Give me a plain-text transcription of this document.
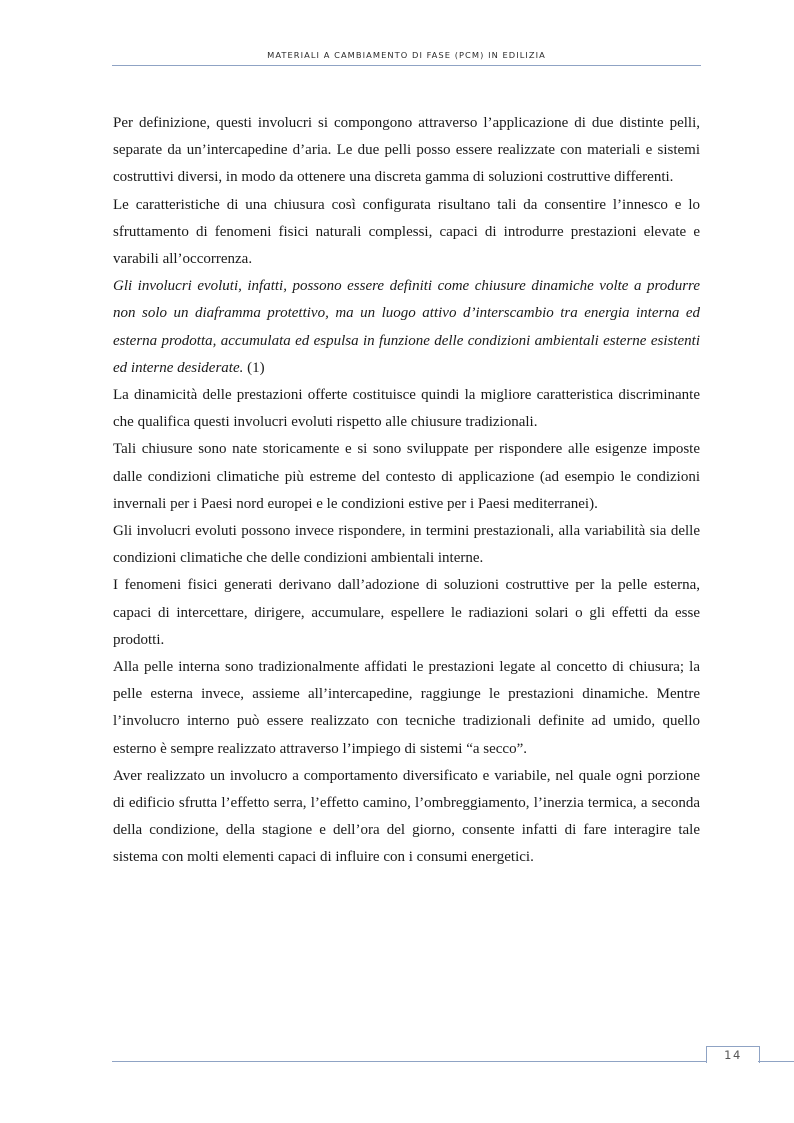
MATERIALI A CAMBIAMENTO DI FASE (PCM) IN EDILIZIA

Per definizione, questi involucri si compongono attraverso l’applicazione di due distinte pelli, separate da un’intercapedine d’aria. Le due pelli posso essere realizzate con materiali e sistemi costruttivi diversi, in modo da ottenere una discreta gamma di soluzioni costruttive differenti.

Le caratteristiche di una chiusura così configurata risultano tali da consentire l’innesco e lo sfruttamento di fenomeni fisici naturali complessi, capaci di introdurre prestazioni elevate e varabili all’occorrenza.

Gli involucri evoluti, infatti, possono essere definiti come chiusure dinamiche volte a produrre non solo un diaframma protettivo, ma un luogo attivo d’interscambio tra energia interna ed esterna prodotta, accumulata ed espulsa in funzione delle condizioni ambientali esterne esistenti ed interne desiderate. (1)

La dinamicità delle prestazioni offerte costituisce quindi la migliore caratteristica discriminante che qualifica questi involucri evoluti rispetto alle chiusure tradizionali.

Tali chiusure sono nate storicamente e si sono sviluppate per rispondere alle esigenze imposte dalle condizioni climatiche più estreme del contesto di applicazione (ad esempio le condizioni invernali per i Paesi nord europei e le condizioni estive per i Paesi mediterranei).

Gli involucri evoluti possono invece rispondere, in termini prestazionali, alla variabilità sia delle condizioni climatiche che delle condizioni ambientali interne.

I fenomeni fisici generati derivano dall’adozione di soluzioni costruttive per la pelle esterna, capaci di intercettare, dirigere, accumulare, espellere le radiazioni solari o gli effetti da esse prodotti.

Alla pelle interna sono tradizionalmente affidati le prestazioni legate al concetto di chiusura; la pelle esterna invece, assieme all’intercapedine, raggiunge le prestazioni dinamiche. Mentre l’involucro interno può essere realizzato con tecniche tradizionali definite ad umido, quello esterno è sempre realizzato attraverso l’impiego di sistemi “a secco”.

Aver realizzato un involucro a comportamento diversificato e variabile, nel quale ogni porzione di edificio sfrutta l’effetto serra, l’effetto camino, l’ombreggiamento, l’inerzia termica, a seconda della condizione, della stagione e dell’ora del giorno, consente infatti di fare interagire tale sistema con molti elementi capaci di influire con i consumi energetici.

14
